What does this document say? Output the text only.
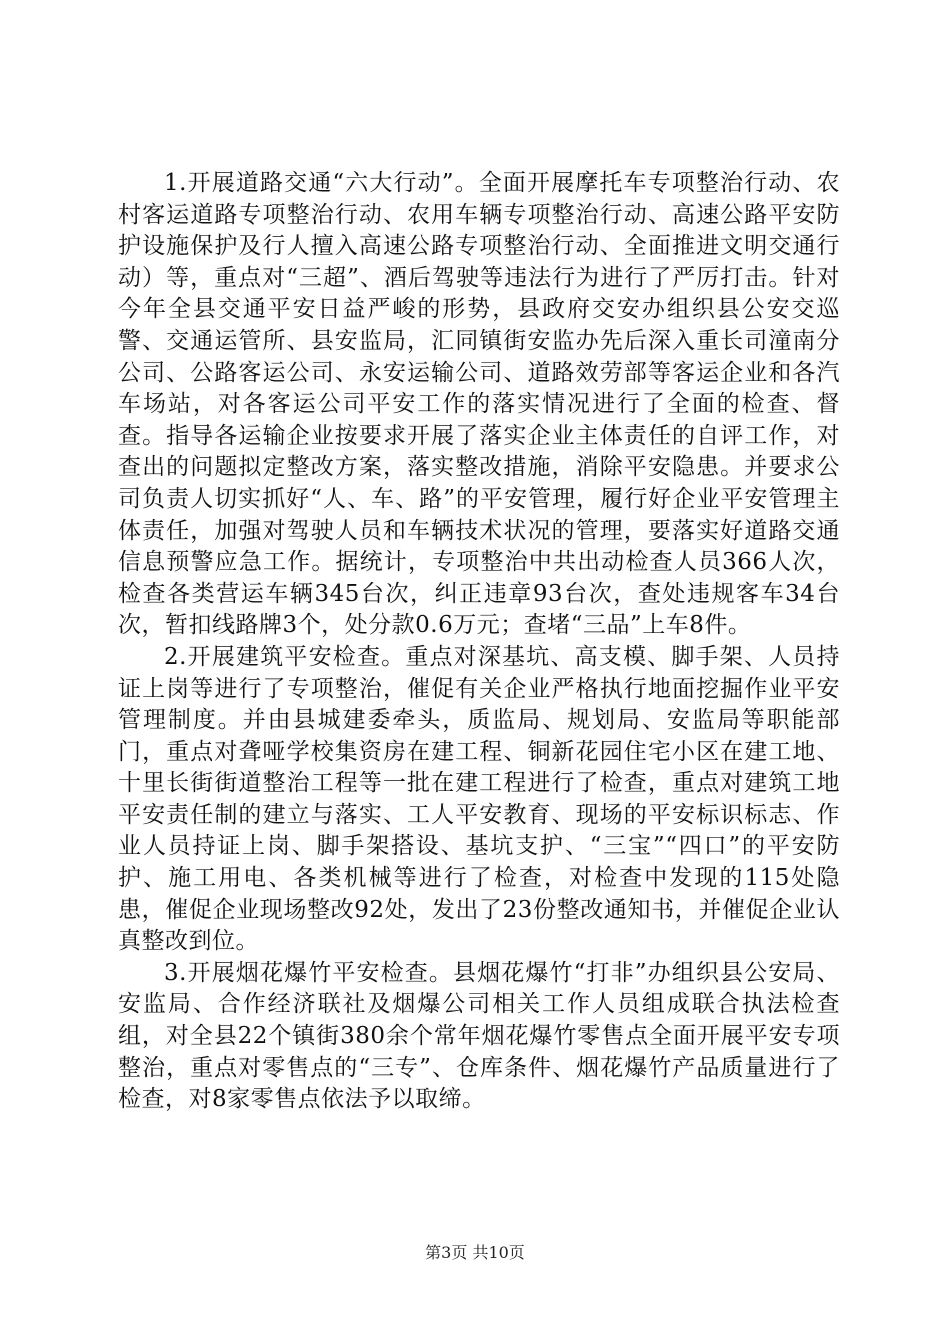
1.开展道路交通“六大行动”。全面开展摩托车专项整治行动、农村客运道路专项整治行动、农用车辆专项整治行动、高速公路平安防护设施保护及行人擅入高速公路专项整治行动、全面推进文明交通行动）等，重点对“三超”、酒后驾驶等违法行为进行了严厉打击。针对今年全县交通平安日益严峻的形势，县政府交安办组织县公安交巡警、交通运管所、县安监局，汇同镇街安监办先后深入重长司潼南分公司、公路客运公司、永安运输公司、道路效劳部等客运企业和各汽车场站，对各客运公司平安工作的落实情况进行了全面的检查、督查。指导各运输企业按要求开展了落实企业主体责任的自评工作，对查出的问题拟定整改方案，落实整改措施，消除平安隐患。并要求公司负责人切实抓好“人、车、路”的平安管理，履行好企业平安管理主体责任，加强对驾驶人员和车辆技术状况的管理，要落实好道路交通信息预警应急工作。据统计，专项整治中共出动检查人员366人次，检查各类营运车辆345台次，纠正违章93台次，查处违规客车34台次，暂扣线路牌3个，处分款0.6万元；查堵“三品”上车8件。

2.开展建筑平安检查。重点对深基坑、高支模、脚手架、人员持证上岗等进行了专项整治，催促有关企业严格执行地面挖掘作业平安管理制度。并由县城建委牵头，质监局、规划局、安监局等职能部门，重点对聋哑学校集资房在建工程、铜新花园住宅小区在建工地、十里长街街道整治工程等一批在建工程进行了检查，重点对建筑工地平安责任制的建立与落实、工人平安教育、现场的平安标识标志、作业人员持证上岗、脚手架搭设、基坑支护、“三宝”“四口”的平安防护、施工用电、各类机械等进行了检查，对检查中发现的115处隐患，催促企业现场整改92处，发出了23份整改通知书，并催促企业认真整改到位。

3.开展烟花爆竹平安检查。县烟花爆竹“打非”办组织县公安局、安监局、合作经济联社及烟爆公司相关工作人员组成联合执法检查组，对全县22个镇街380余个常年烟花爆竹零售点全面开展平安专项整治，重点对零售点的“三专”、仓库条件、烟花爆竹产品质量进行了检查，对8家零售点依法予以取缔。

第3页 共10页
